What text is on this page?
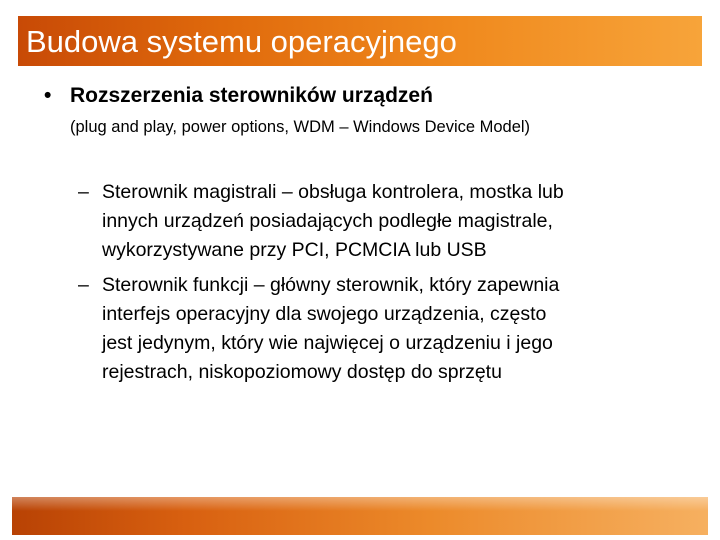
Budowa systemu operacyjnego
• Rozszerzenia sterowników urządzeń
(plug and play, power options, WDM – Windows Device Model)
– Sterownik magistrali – obsługa kontrolera, mostka lub
innych urządzeń posiadających podległe magistrale,
wykorzystywane przy PCI, PCMCIA lub USB
– Sterownik funkcji – główny sterownik, który zapewnia
interfejs operacyjny dla swojego urządzenia, często
jest jedynym, który wie najwięcej o urządzeniu i jego
rejestrach, niskopoziomowy dostęp do sprzętu
